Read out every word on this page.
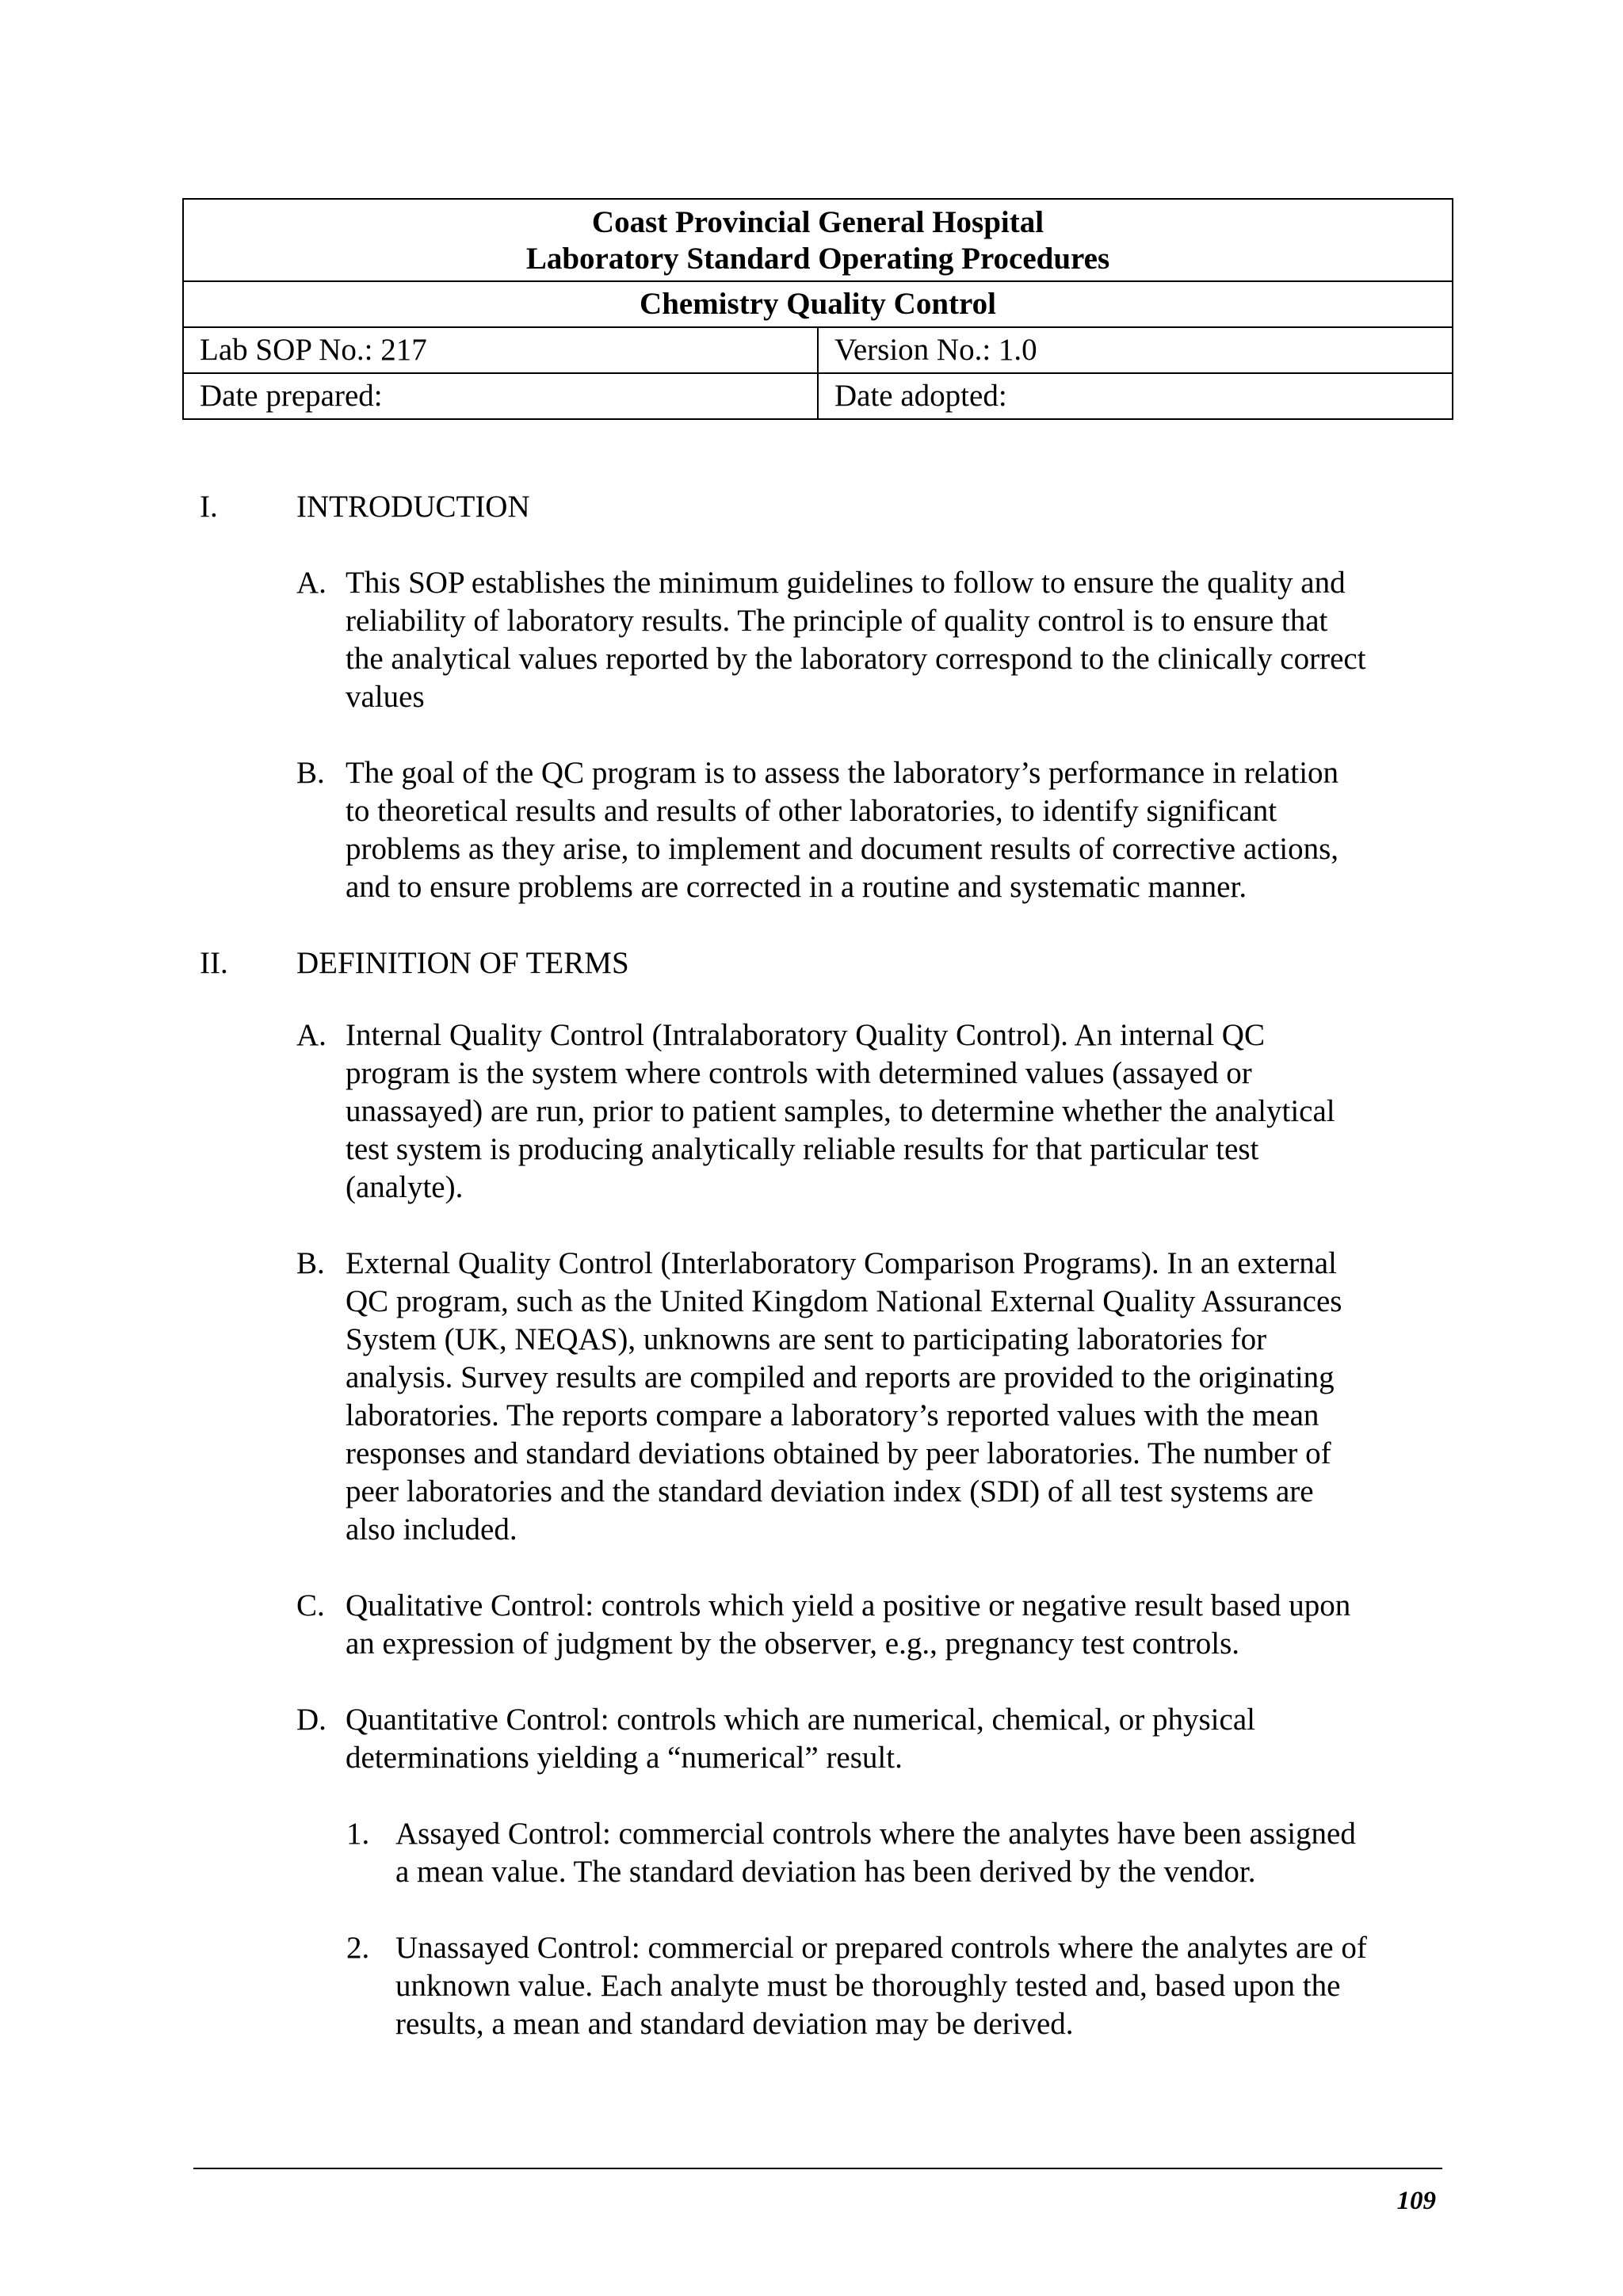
Coast Provincial General Hospital
Laboratory Standard Operating Procedures	

Chemistry Quality Control	
Lab SOP No.: 217	Version No.: 1.0
Date prepared:	Date adopted:
I.	INTRODUCTION
A. This SOP establishes the minimum guidelines to follow to ensure the quality and
reliability of laboratory results. The principle of quality control is to ensure that
the analytical values reported by the laboratory correspond to the clinically correct
values
B. The goal of the QC program is to assess the laboratory’s performance in relation
to theoretical results and results of other laboratories, to identify significant
problems as they arise, to implement and document results of corrective actions,
and to ensure problems are corrected in a routine and systematic manner.
II. DEFINITION OF TERMS
A. Internal Quality Control (Intralaboratory Quality Control). An internal QC
program is the system where controls with determined values (assayed or
unassayed) are run, prior to patient samples, to determine whether the analytical
test system is producing analytically reliable results for that particular test
(analyte).
B. External Quality Control (Interlaboratory Comparison Programs). In an external
QC program, such as the United Kingdom National External Quality Assurances
System (UK, NEQAS), unknowns are sent to participating laboratories for
analysis. Survey results are compiled and reports are provided to the originating
laboratories. The reports compare a laboratory’s reported values with the mean
responses and standard deviations obtained by peer laboratories. The number of
peer laboratories and the standard deviation index (SDI) of all test systems are
also included.
C. Qualitative Control: controls which yield a positive or negative result based upon
an expression of judgment by the observer, e.g., pregnancy test controls.
D. Quantitative Control: controls which are numerical, chemical, or physical
determinations yielding a “numerical” result.
1. Assayed Control: commercial controls where the analytes have been assigned
a mean value. The standard deviation has been derived by the vendor.
2. Unassayed Control: commercial or prepared controls where the analytes are of
unknown value. Each analyte must be thoroughly tested and, based upon the
results, a mean and standard deviation may be derived.
109
